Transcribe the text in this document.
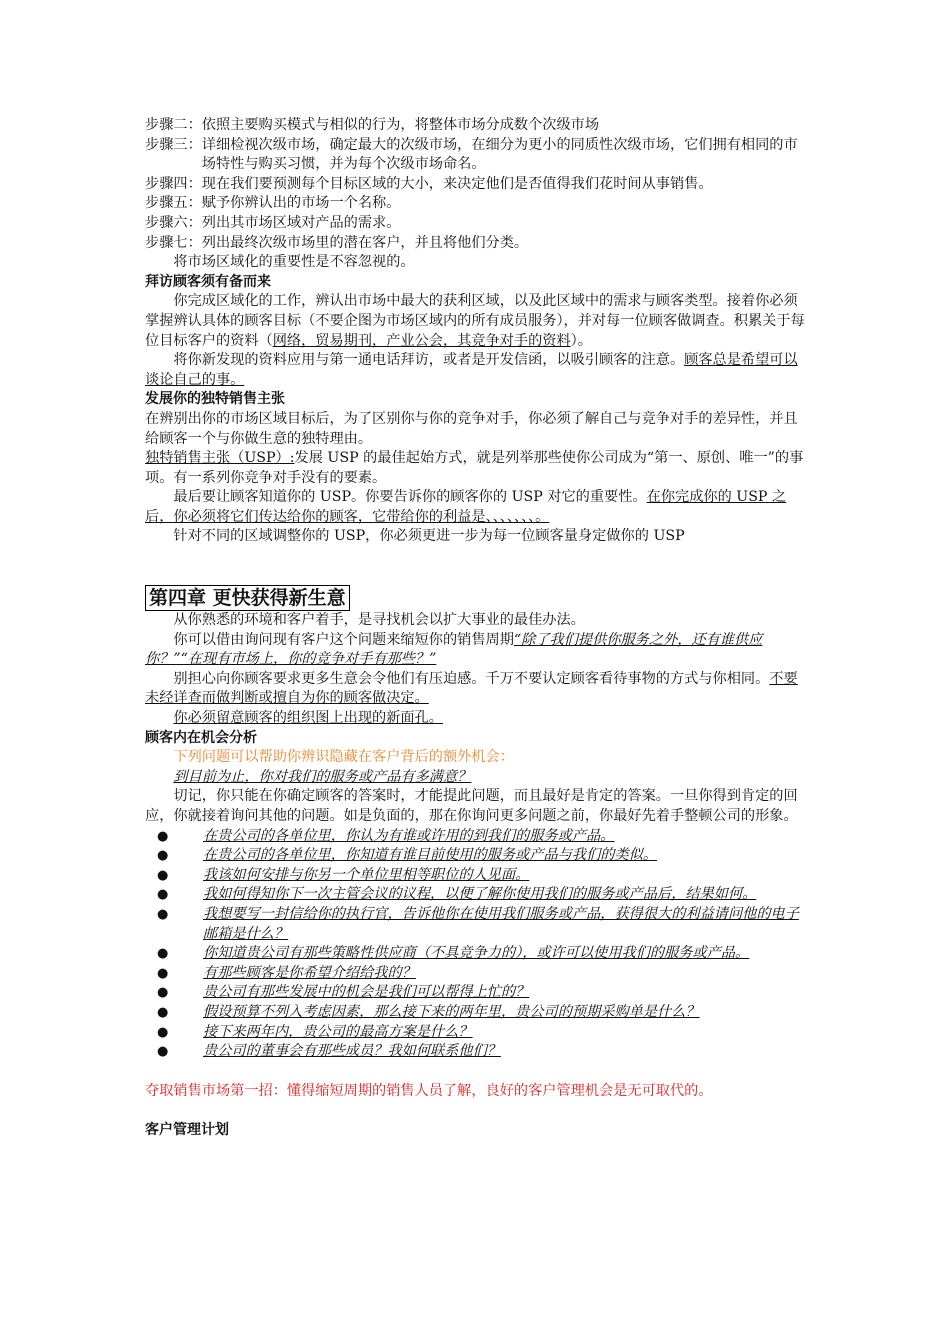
步骤二： 依照主要购买模式与相似的行为，将整体市场分成数个次级市场
步骤三： 详细检视次级市场，确定最大的次级市场，在细分为更小的同质性次级市场，它们拥有相同的市场特性与购买习惯，并为每个次级市场命名。
步骤四： 现在我们要预测每个目标区域的大小，来决定他们是否值得我们花时间从事销售。
步骤五： 赋予你辨认出的市场一个名称。
步骤六： 列出其市场区域对产品的需求。
步骤七： 列出最终次级市场里的潜在客户，并且将他们分类。

将市场区域化的重要性是不容忽视的。

拜访顾客须有备而来

你完成区域化的工作，辨认出市场中最大的获利区域，以及此区域中的需求与顾客类型。接着你必须掌握辨认具体的顾客目标（不要企图为市场区域内的所有成员服务），并对每一位顾客做调查。积累关于每位目标客户的资料（网络，贸易期刊，产业公会，其竞争对手的资料）。

将你新发现的资料应用与第一通电话拜访，或者是开发信函，以吸引顾客的注意。顾客总是希望可以谈论自己的事。

发展你的独特销售主张

在辨别出你的市场区域目标后，为了区别你与你的竞争对手，你必须了解自己与竞争对手的差异性，并且给顾客一个与你做生意的独特理由。

独特销售主张（USP）:发展 USP 的最佳起始方式，就是列举那些使你公司成为“第一、原创、唯一”的事项。有一系列你竞争对手没有的要素。

最后要让顾客知道你的 USP。你要告诉你的顾客你的 USP 对它的重要性。在你完成你的 USP 之后，你必须将它们传达给你的顾客，它带给你的利益是、、、、、、、。

针对不同的区域调整你的 USP，你必须更进一步为每一位顾客量身定做你的 USP

第四章 更快获得新生意

从你熟悉的环境和客户着手，是寻找机会以扩大事业的最佳办法。

你可以借由询问现有客户这个问题来缩短你的销售周期“除了我们提供你服务之外，还有谁供应你？”“在现有市场上，你的竞争对手有那些？”

别担心向你顾客要求更多生意会令他们有压迫感。千万不要认定顾客看待事物的方式与你相同。不要未经详查而做判断或擅自为你的顾客做决定。

你必须留意顾客的组织图上出现的新面孔。

顾客内在机会分析

下列问题可以帮助你辨识隐藏在客户背后的额外机会：

到目前为止，你对我们的服务或产品有多满意？

切记，你只能在你确定顾客的答案时，才能提此问题，而且最好是肯定的答案。一旦你得到肯定的回应，你就接着询问其他的问题。如是负面的，那在你询问更多问题之前，你最好先着手整顿公司的形象。

●	在贵公司的各单位里，你认为有谁或许用的到我们的服务或产品。
●	在贵公司的各单位里，你知道有谁目前使用的服务或产品与我们的类似。
●	我该如何安排与你另一个单位里相等职位的人见面。
●	我如何得知你下一次主管会议的议程，以便了解你使用我们的服务或产品后，结果如何。
●	我想要写一封信给你的执行官，告诉他你在使用我们服务或产品，获得很大的利益请问他的电子邮箱是什么？
●	你知道贵公司有那些策略性供应商（不具竞争力的），或许可以使用我们的服务或产品。
●	有那些顾客是你希望介绍给我的？
●	贵公司有那些发展中的机会是我们可以帮得上忙的？
●	假设预算不列入考虑因素，那么接下来的两年里，贵公司的预期采购单是什么？
●	接下来两年内，贵公司的最高方案是什么？
●	贵公司的董事会有那些成员？我如何联系他们？

夺取销售市场第一招：懂得缩短周期的销售人员了解，良好的客户管理机会是无可取代的。

客户管理计划
